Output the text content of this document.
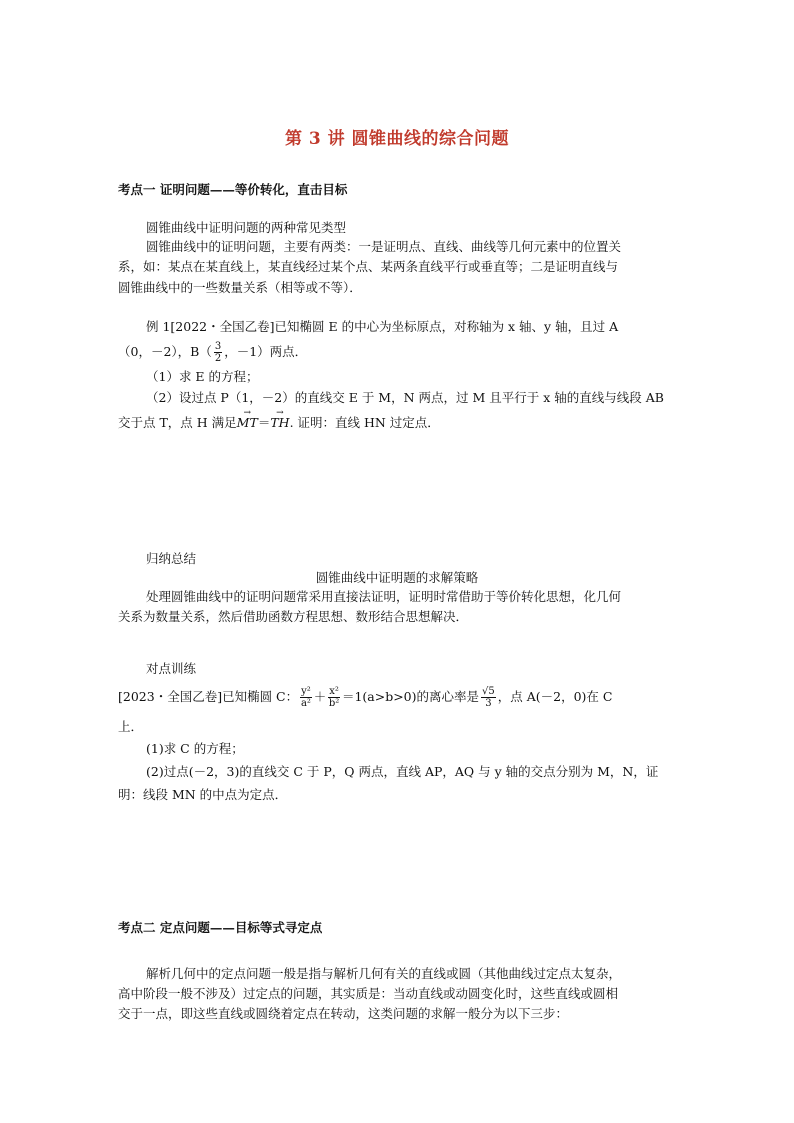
第 3 讲 圆锥曲线的综合问题
考点一 证明问题——等价转化，直击目标
圆锥曲线中证明问题的两种常见类型
圆锥曲线中的证明问题，主要有两类：一是证明点、直线、曲线等几何元素中的位置关
系，如：某点在某直线上，某直线经过某个点、某两条直线平行或垂直等；二是证明直线与
圆锥曲线中的一些数量关系（相等或不等）．
例 1[2022・全国乙卷]已知椭圆 E 的中心为坐标原点，对称轴为 x 轴、y 轴，且过 A
（0，－2），$B( \frac{3}{2}$ ，－1）两点．
（1）求 E 的方程；
（2）设过点 P（1，－2）的直线交 E 于 M，N 两点，过 M 且平行于 x 轴的直线与线段 AB
交于点 T，点 H 满足→ MT＝→ TH. 证明：直线 HN 过定点．
归纳总结
圆锥曲线中证明题的求解策略
处理圆锥曲线中的证明问题常采用直接法证明，证明时常借助于等价转化思想，化几何
关系为数量关系，然后借助函数方程思想、数形结合思想解决．
对点训练
[2023・全国乙卷]已知椭圆 C： $\frac{\text{y²}}{\text{a²}} + \frac{\text{x²}}{\text{b²}} =1(a>b>0)$的离心率是 $\frac{√5}{3}$ ，点 A(－2，0)在 C
上．
(1)求 C 的方程；
(2)过点(－2，3)的直线交 C 于 P，Q 两点，直线 AP，AQ 与 y 轴的交点分别为 M，N，证
明：线段 MN 的中点为定点．
考点二 定点问题——目标等式寻定点
解析几何中的定点问题一般是指与解析几何有关的直线或圆（其他曲线过定点太复杂，
高中阶段一般不涉及）过定点的问题，其实质是：当动直线或动圆变化时，这些直线或圆相
交于一点，即这些直线或圆绕着定点在转动，这类问题的求解一般分为以下三步：
